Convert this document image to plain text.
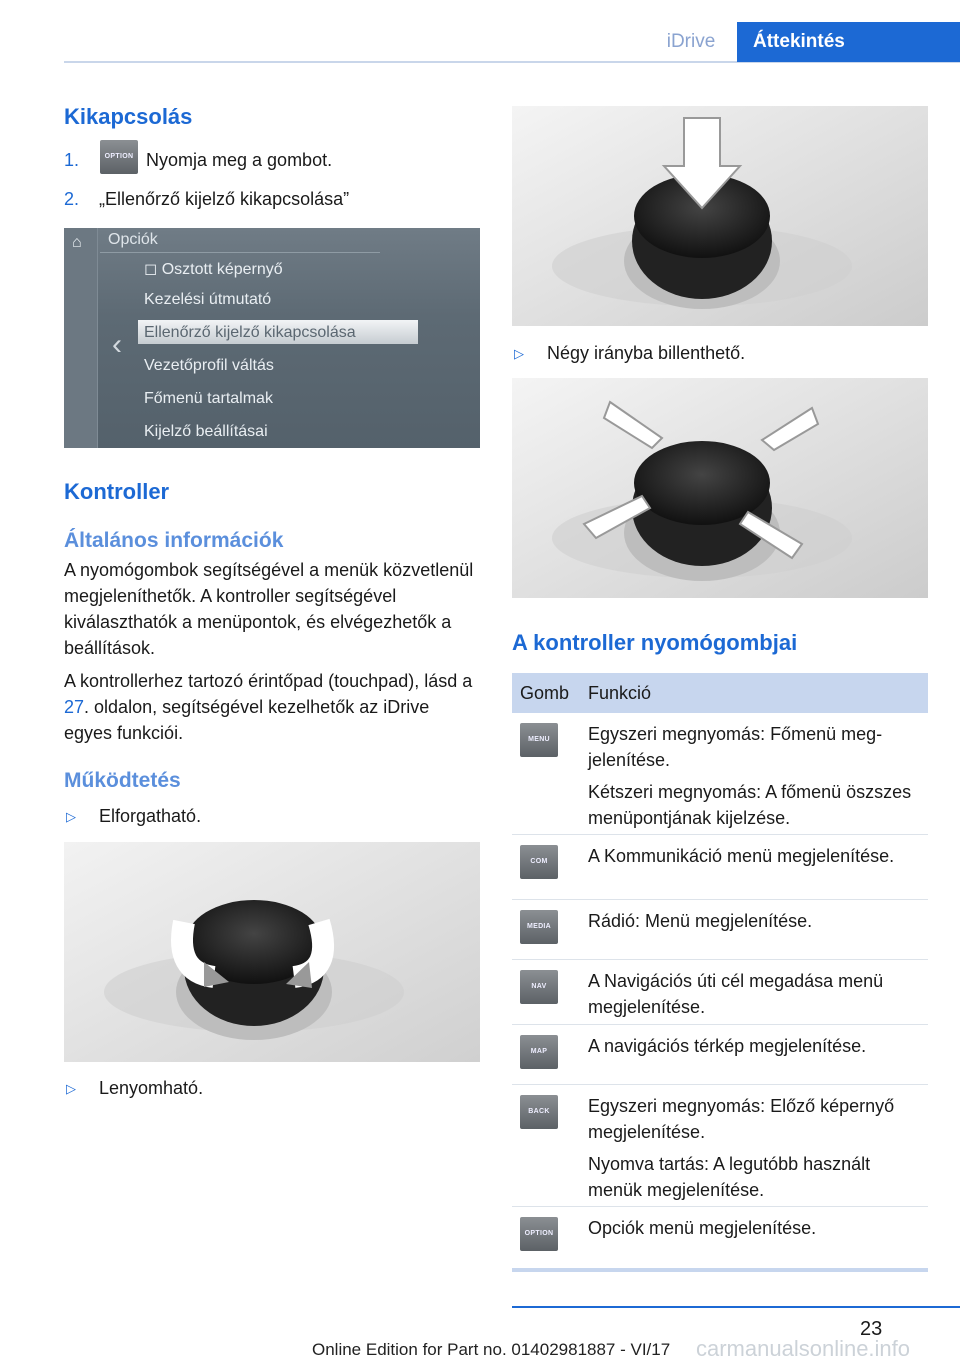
iDrive	Áttekintés
Kikapcsolás
1.	OPTION Nyomja meg a gombot.
2. „Ellenőrző kijelző kikapcsolása”
⌂
‹
Opciók
◻ Osztott képernyő
Kezelési útmutató
Ellenőrző kijelző kikapcsolása
Vezetőprofil váltás
Főmenü tartalmak
Kijelző beállításai
Kontroller
Általános információk
A nyomógombok segítségével a menük közvetlenül megjeleníthetők. A kontroller segítségével kiválaszthatók a menüpontok, és elvégezhetők a beállítások.
A kontrollerhez tartozó érintőpad (touchpad), lásd a 27. oldalon, segítségével kezelhetők az iDrive egyes funkciói.
Működtetés
▷ Elforgatható.
▷ Lenyomható.
▷ Négy irányba billenthető.
A kontroller nyomógombjai
Gomb Funkció
MENU	Egyszeri megnyomás: Főmenü megjelenítése.
Kétszeri megnyomás: A főmenü öszszes menüpontjának kijelzése.
COM	A Kommunikáció menü megjelenítése.
MEDIA	Rádió: Menü megjelenítése.
NAV	A Navigációs úti cél megadása menü megjelenítése.
MAP	A navigációs térkép megjelenítése.
BACK	Egyszeri megnyomás: Előző képernyő megjelenítése.
Nyomva tartás: A legutóbb használt menük megjelenítése.
OPTION Opciók menü megjelenítése.
23
Online Edition for Part no. 01402981887 - VI/17 carmanualsonline.info
